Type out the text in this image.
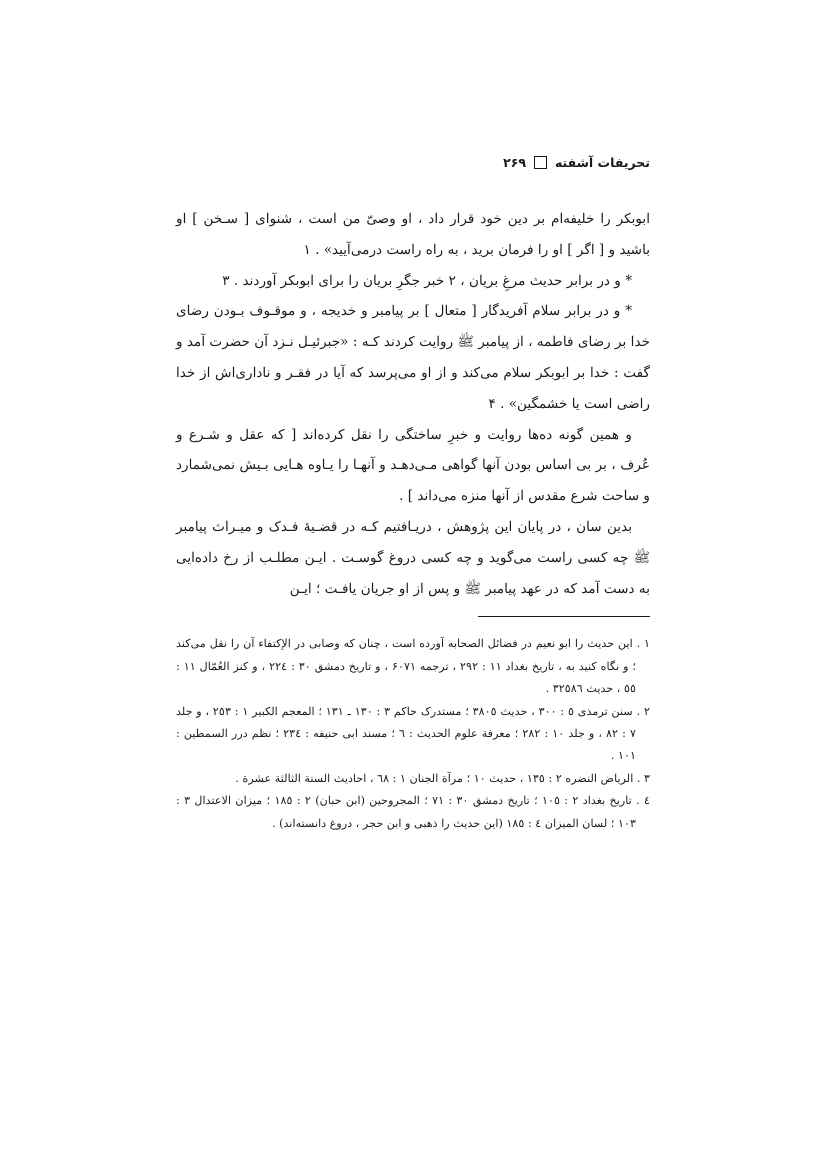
تحریفات آشفته
۲۶۹

ابوبکر را خلیفه‌ام بر دین خود قرار داد ، او وصیّ من است ، شنوای [ سـخن ] او باشید و [ اگر ] او را فرمان برید ، به راه راست درمی‌آیید» . ۱

* و در برابر حدیث مرغِ بریان ، ۲ خبر جگرِ بریان را برای ابوبکر آوردند . ۳

* و در برابر سلام آفریدگار [ متعال ] بر پیامبر و خدیجه ، و موقـوف بـودن رضای خدا بر رضای فاطمه ، از پیامبر ﷺ روایت کردند کـه : «جبرئیـل نـزد آن حضرت آمد و گفت : خدا بر ابوبکر سلام می‌کند و از او می‌پرسد که آیا در فقـر و ناداری‌اش از خدا راضی است یا خشمگین» . ۴

و همین گونه ده‌ها روایت و خبرِ ساختگی را نقل کرده‌اند [ که عقل و شـرع و عُرف ، بر بی اساس بودن آنها گواهی مـی‌دهـد و آنهـا را یـاوه هـایی بـیش نمی‌شمارد و ساحت شرع مقدس از آنها منزه می‌داند ] .

بدین سان ، در پایان این پژوهش ، دریـافتیم کـه در قضـیهٔ فـدک و میـراث پیامبر ﷺ چه کسی راست می‌گوید و چه کسی دروغ گوسـت . ایـن مطلـب از رخ داده‌ایی به دست آمد که در عهد پیامبر ﷺ و پس از او جریان یافـت ؛ ایـن

۱ . این حدیث را ابو نعیم در فضائل الصحابه آورده است ، چنان که وصابی در الإکتفاء آن را نقل می‌کند ؛ و نگاه کنید به ، تاریخ بغداد ۱۱ : ۲۹۲ ، ترجمه ۶۰۷۱ ، و تاریخ دمشق ۳۰ : ۲۲٤ ، و کنز العُمّال ۱۱ : ٥٥ ، حدیث ۳۲٥۸٦ .
۲ . سنن ترمذی ٥ : ۳۰۰ ، حدیث ۳۸۰٥ ؛ مستدرک حاکم ۳ : ۱۳۰ ـ ۱۳۱ ؛ المعجم الکبیر ۱ : ۲٥۳ ، و جلد ۷ : ۸۲ ، و جلد ۱۰ : ۲۸۲ ؛ معرفة علوم الحدیث : ٦ ؛ مسند ابی حنیفه : ۲۳٤ ؛ نظم درر السمطین : ۱۰۱ .
۳ . الریاض النضره ۲ : ۱۳٥ ، حدیث ۱۰ ؛ مرآة الجنان ۱ : ٦۸ ، احادیث السنة الثالثة عشرة .
٤ . تاریخ بغداد ۲ : ۱۰٥ ؛ تاریخ دمشق ۳۰ : ۷۱ ؛ المجروحین (ابن حبان) ۲ : ۱۸٥ ؛ میزان الاعتدال ۳ : ۱۰۳ ؛ لسان المیزان ٤ : ۱۸٥ (این حدیث را ذهبی و ابن حجر ، دروغ دانسته‌اند) .
